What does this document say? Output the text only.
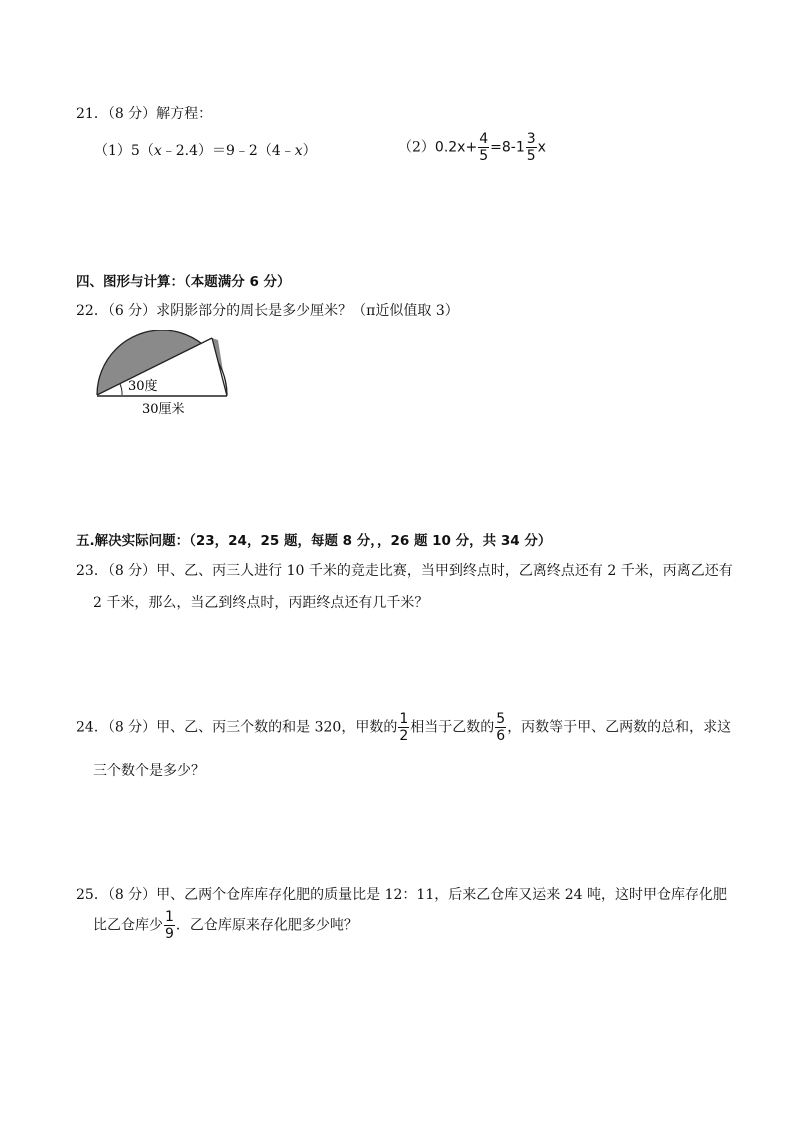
21．（8 分）解方程：
（1）5（x﹣2.4）＝9﹣2（4﹣x）	$(2)0.2x+ \frac{4}{5} =8-1 \frac{3}{5}$ x
四、图形与计算：（本题满分 6 分）
22．（6 分）求阴影部分的周长是多少厘米？（π近似值取 3）
30度
30厘米
五.解决实际问题：（23，24，25 题，每题 8 分，，26 题 10 分，共 34 分）
23．（8 分）甲、乙、丙三人进行 10 千米的竞走比赛，当甲到终点时，乙离终点还有 2 千米，丙离乙还有
2 千米，那么，当乙到终点时，丙距终点还有几千米？
24．（8 分）甲、乙、丙三个数的和是 320，甲数的 $\frac{1}{2}$ 相当于乙数的 $\frac{5}{6}$ ，丙数等于甲、乙两数的总和，求这
三个数个是多少？
25．（8 分）甲、乙两个仓库库存化肥的质量比是 12：11，后来乙仓库又运来 24 吨，这时甲仓库存化肥
比乙仓库少 $\frac{1}{9}$ ．乙仓库原来存化肥多少吨？
